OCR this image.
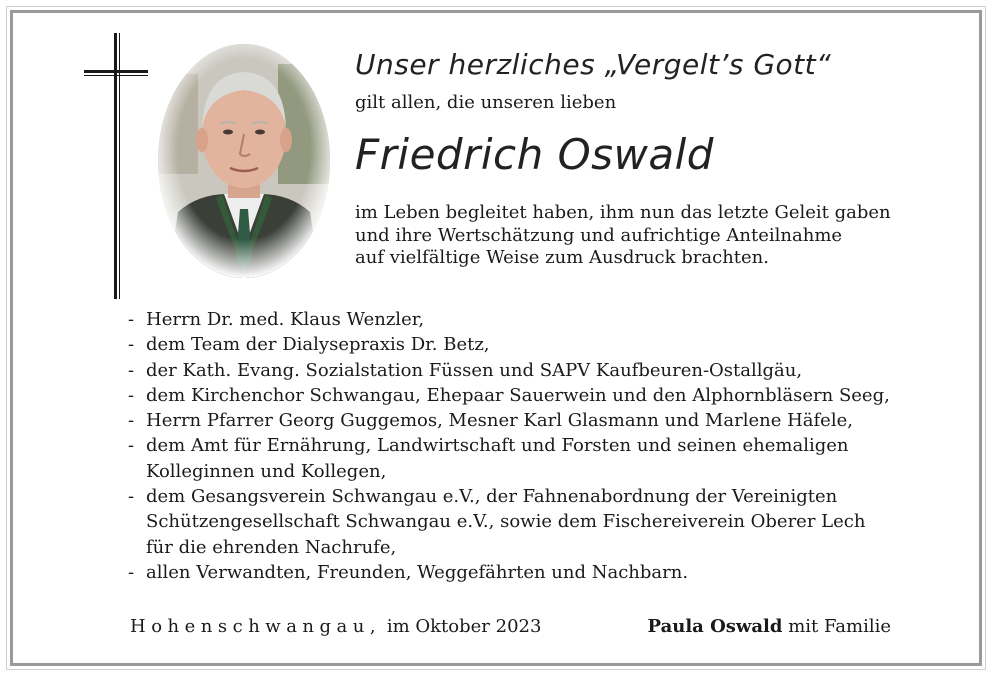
Unser herzliches „Vergelt’s Gott“
gilt allen, die unseren lieben
Friedrich Oswald
im Leben begleitet haben, ihm nun das letzte Geleit gaben
und ihre Wertschätzung und aufrichtige Anteilnahme
auf vielfältige Weise zum Ausdruck brachten.
- Herrn Dr. med. Klaus Wenzler,
- dem Team der Dialysepraxis Dr. Betz,
- der Kath. Evang. Sozialstation Füssen und SAPV Kaufbeuren-Ostallgäu,
- dem Kirchenchor Schwangau, Ehepaar Sauerwein und den Alphornbläsern Seeg,
- Herrn Pfarrer Georg Guggemos, Mesner Karl Glasmann und Marlene Häfele,
- dem Amt für Ernährung, Landwirtschaft und Forsten und seinen ehemaligen
Kolleginnen und Kollegen,
- dem Gesangsverein Schwangau e.V., der Fahnenabordnung der Vereinigten
Schützengesellschaft Schwangau e.V., sowie dem Fischereiverein Oberer Lech
für die ehrenden Nachrufe,
- allen Verwandten, Freunden, Weggefährten und Nachbarn.
Hohenschwangau, im Oktober 2023	Paula Oswald mit Familie
